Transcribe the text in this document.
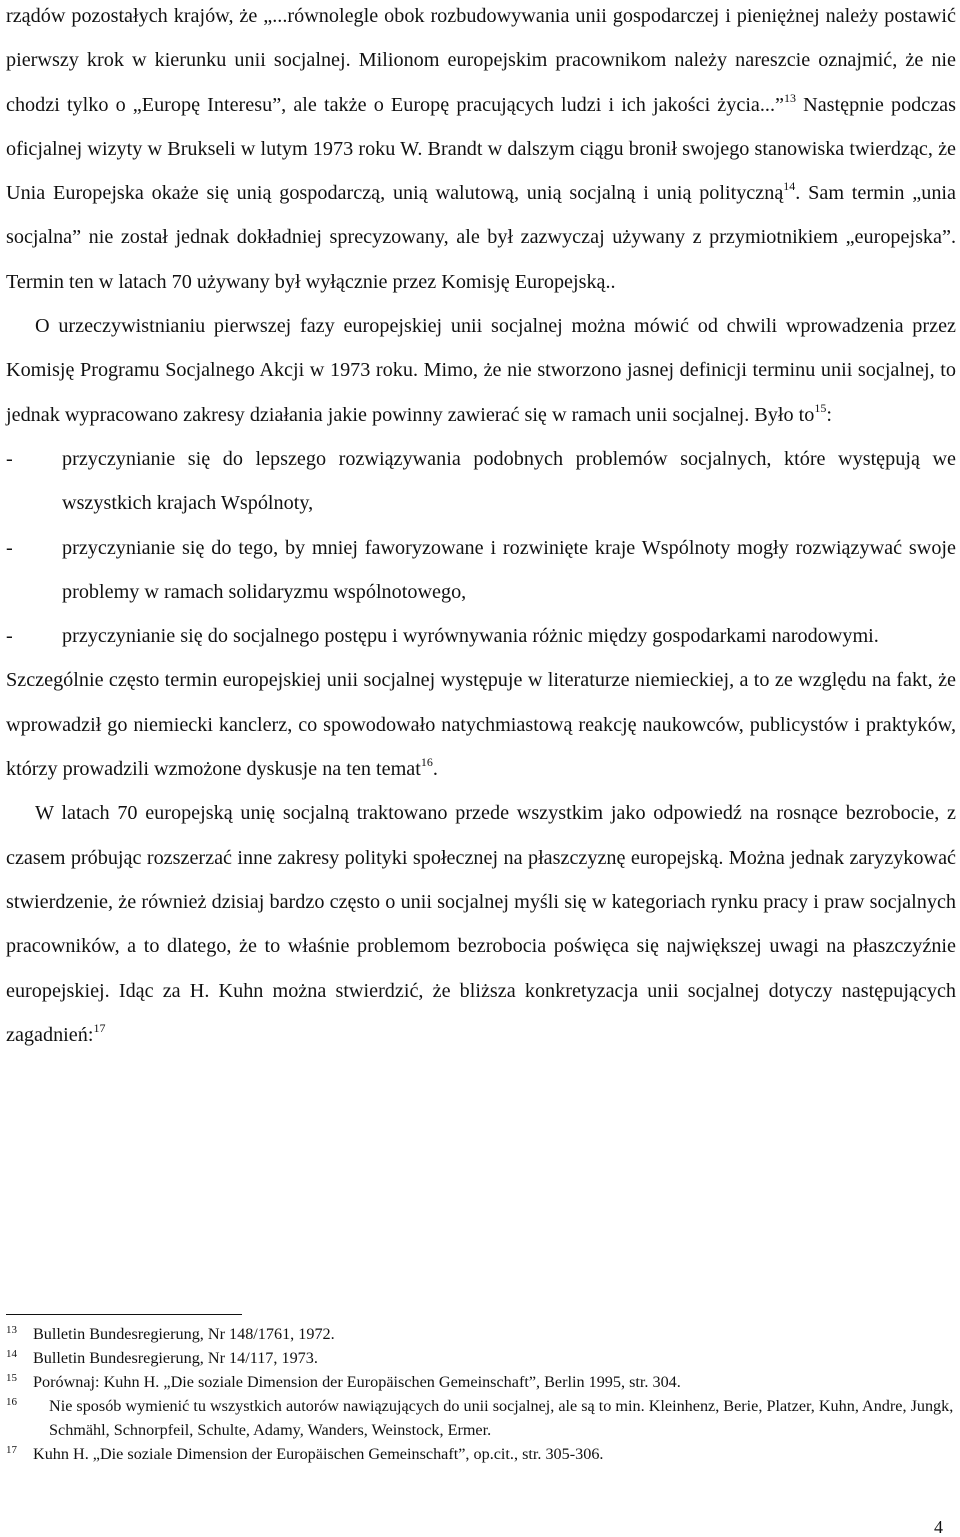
rządów pozostałych krajów, że „...równolegle obok rozbudowywania unii gospodarczej i pieniężnej należy postawić pierwszy krok w kierunku unii socjalnej. Milionom europejskim pracownikom należy nareszcie oznajmić, że nie chodzi tylko o „Europę Interesu”, ale także o Europę pracujących ludzi i ich jakości życia...”$^{13}$ Następnie podczas oficjalnej wizyty w Brukseli w lutym 1973 roku W. Brandt w dalszym ciągu bronił swojego stanowiska twierdząc, że Unia Europejska okaże się unią gospodarczą, unią walutową, unią socjalną i unią polityczną$^{14}$. Sam termin „unia socjalna” nie został jednak dokładniej sprecyzowany, ale był zazwyczaj używany z przymiotnikiem „europejska”. Termin ten w latach 70 używany był wyłącznie przez Komisję Europejską..

O urzeczywistnianiu pierwszej fazy europejskiej unii socjalnej można mówić od chwili wprowadzenia przez Komisję Programu Socjalnego Akcji w 1973 roku. Mimo, że nie stworzono jasnej definicji terminu unii socjalnej, to jednak wypracowano zakresy działania jakie powinny zawierać się w ramach unii socjalnej. Było $to^{15}$:

- przyczynianie się do lepszego rozwiązywania podobnych problemów socjalnych, które występują we wszystkich krajach Wspólnoty,

- przyczynianie się do tego, by mniej faworyzowane i rozwinięte kraje Wspólnoty mogły rozwiązywać swoje problemy w ramach solidaryzmu wspólnotowego,

- przyczynianie się do socjalnego postępu i wyrównywania różnic między gospodarkami narodowymi.

Szczególnie często termin europejskiej unii socjalnej występuje w literaturze niemieckiej, a to ze względu na fakt, że wprowadził go niemiecki kanclerz, co spowodowało natychmiastową reakcję naukowców, publicystów i praktyków, którzy prowadzili wzmożone dyskusje na ten temat$^{16}$.

W latach 70 europejską unię socjalną traktowano przede wszystkim jako odpowiedź na rosnące bezrobocie, z czasem próbując rozszerzać inne zakresy polityki społecznej na płaszczyznę europejską. Można jednak zaryzykować stwierdzenie, że również dzisiaj bardzo często o unii socjalnej myśli się w kategoriach rynku pracy i praw socjalnych pracowników, a to dlatego, że to właśnie problemom bezrobocia poświęca się największej uwagi na płaszczyźnie europejskiej. Idąc za H. Kuhn można stwierdzić, że bliższa konkretyzacja unii socjalnej dotyczy następujących zagadnień:$^{17}$

13 Bulletin Bundesregierung, Nr 148/1761, 1972.
14 Bulletin Bundesregierung, Nr 14/117, 1973.
15 Porównaj: Kuhn H. „Die soziale Dimension der Europäischen Gemeinschaft”, Berlin 1995, str. 304.
16 Nie sposób wymienić tu wszystkich autorów nawiązujących do unii socjalnej, ale są to min. Kleinhenz, Berie, Platzer, Kuhn, Andre, Jungk, Schmähl, Schnorpfeil, Schulte, Adamy, Wanders, Weinstock, Ermer.
17 Kuhn H. „Die soziale Dimension der Europäischen Gemeinschaft”, op.cit., str. 305-306.
4
